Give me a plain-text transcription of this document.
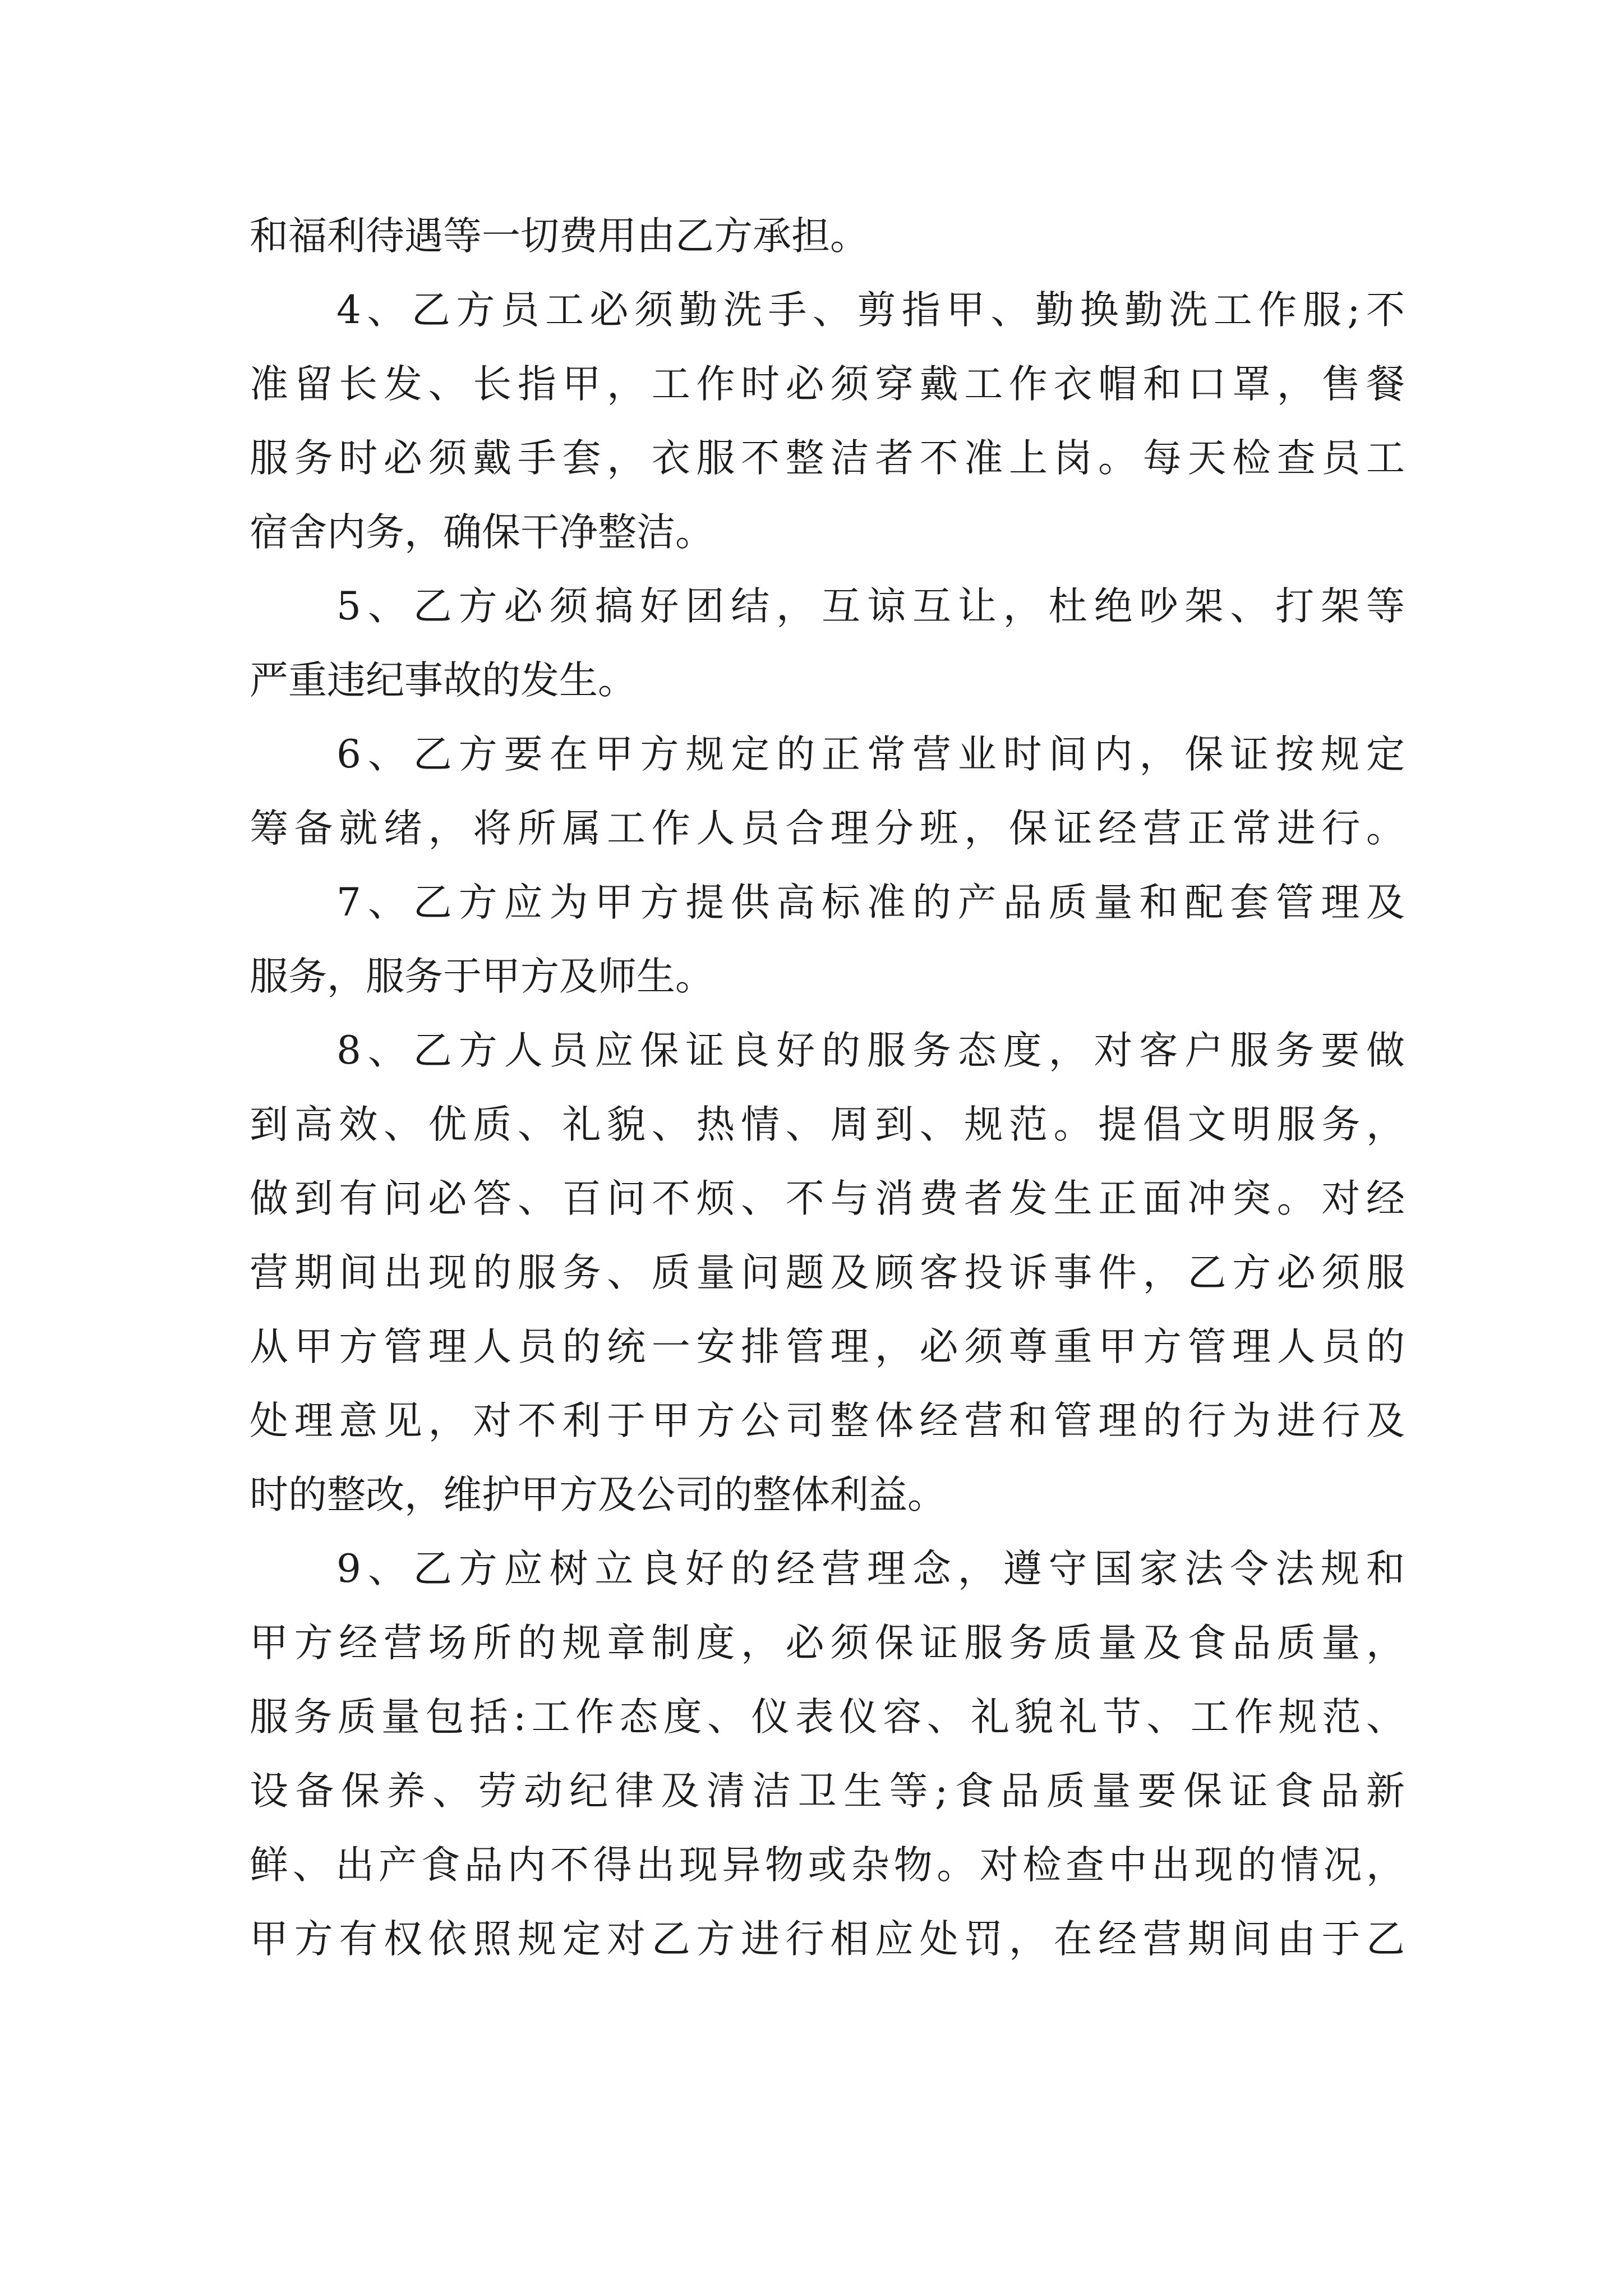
和福利待遇等一切费用由乙方承担。
4、乙方员工必须勤洗手、剪指甲、勤换勤洗工作服;不
准留长发、长指甲，工作时必须穿戴工作衣帽和口罩，售餐
服务时必须戴手套，衣服不整洁者不准上岗。每天检查员工
宿舍内务，确保干净整洁。
5、乙方必须搞好团结，互谅互让，杜绝吵架、打架等
严重违纪事故的发生。
6、乙方要在甲方规定的正常营业时间内，保证按规定
筹备就绪，将所属工作人员合理分班，保证经营正常进行。
7、乙方应为甲方提供高标准的产品质量和配套管理及
服务，服务于甲方及师生。
8、乙方人员应保证良好的服务态度，对客户服务要做
到高效、优质、礼貌、热情、周到、规范。提倡文明服务，
做到有问必答、百问不烦、不与消费者发生正面冲突。对经
营期间出现的服务、质量问题及顾客投诉事件，乙方必须服
从甲方管理人员的统一安排管理，必须尊重甲方管理人员的
处理意见，对不利于甲方公司整体经营和管理的行为进行及
时的整改，维护甲方及公司的整体利益。
9、乙方应树立良好的经营理念，遵守国家法令法规和
甲方经营场所的规章制度，必须保证服务质量及食品质量，
服务质量包括:工作态度、仪表仪容、礼貌礼节、工作规范、
设备保养、劳动纪律及清洁卫生等;食品质量要保证食品新
鲜、出产食品内不得出现异物或杂物。对检查中出现的情况，
甲方有权依照规定对乙方进行相应处罚，在经营期间由于乙
